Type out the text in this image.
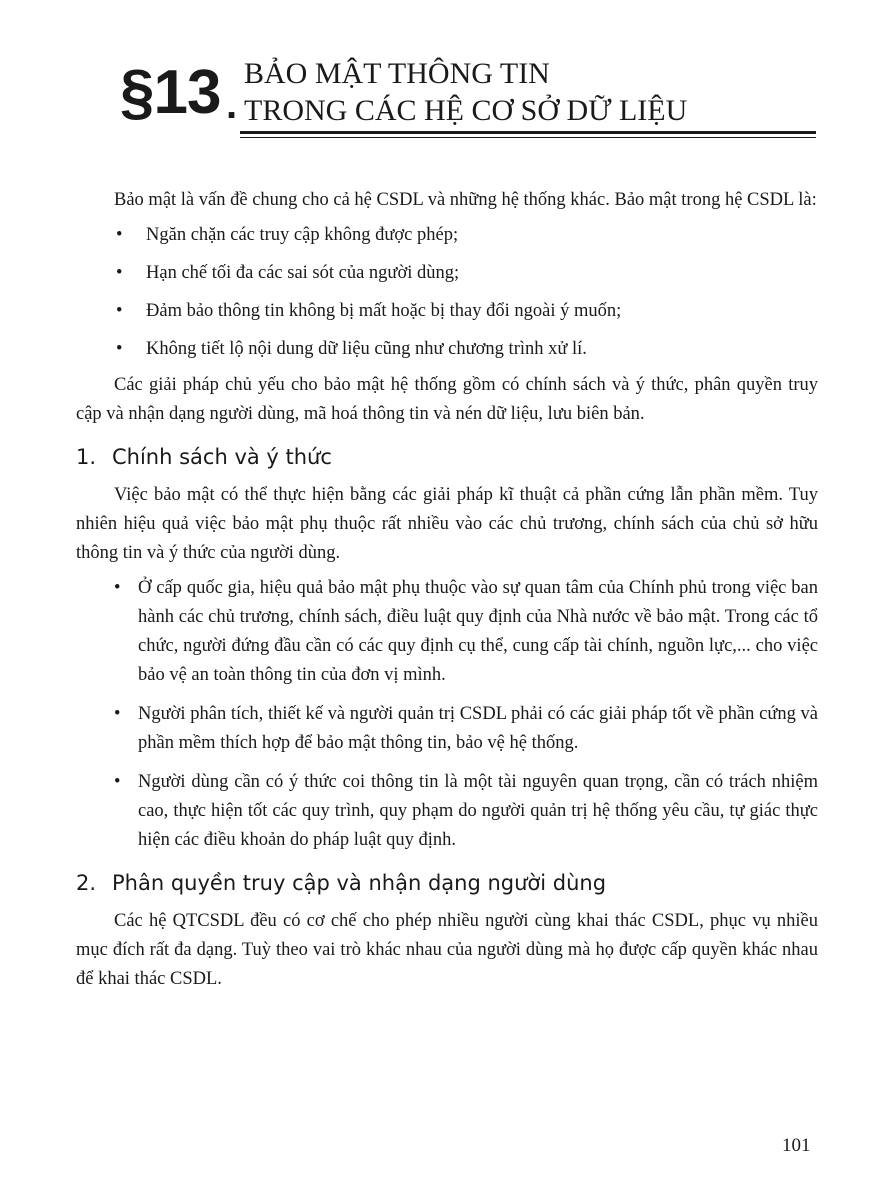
§13 .
BẢO MẬT THÔNG TIN
TRONG CÁC HỆ CƠ SỞ DỮ LIỆU

Bảo mật là vấn đề chung cho cả hệ CSDL và những hệ thống khác. Bảo mật trong hệ CSDL là:

• Ngăn chặn các truy cập không được phép;
• Hạn chế tối đa các sai sót của người dùng;
• Đảm bảo thông tin không bị mất hoặc bị thay đổi ngoài ý muốn;
• Không tiết lộ nội dung dữ liệu cũng như chương trình xử lí.

Các giải pháp chủ yếu cho bảo mật hệ thống gồm có chính sách và ý thức, phân quyền truy cập và nhận dạng người dùng, mã hoá thông tin và nén dữ liệu, lưu biên bản.

1. Chính sách và ý thức

Việc bảo mật có thể thực hiện bằng các giải pháp kĩ thuật cả phần cứng lẫn phần mềm. Tuy nhiên hiệu quả việc bảo mật phụ thuộc rất nhiều vào các chủ trương, chính sách của chủ sở hữu thông tin và ý thức của người dùng.

• Ở cấp quốc gia, hiệu quả bảo mật phụ thuộc vào sự quan tâm của Chính phủ trong việc ban hành các chủ trương, chính sách, điều luật quy định của Nhà nước về bảo mật. Trong các tổ chức, người đứng đầu cần có các quy định cụ thể, cung cấp tài chính, nguồn lực,... cho việc bảo vệ an toàn thông tin của đơn vị mình.
• Người phân tích, thiết kế và người quản trị CSDL phải có các giải pháp tốt về phần cứng và phần mềm thích hợp để bảo mật thông tin, bảo vệ hệ thống.
• Người dùng cần có ý thức coi thông tin là một tài nguyên quan trọng, cần có trách nhiệm cao, thực hiện tốt các quy trình, quy phạm do người quản trị hệ thống yêu cầu, tự giác thực hiện các điều khoản do pháp luật quy định.
2. Phân quyền truy cập và nhận dạng người dùng

Các hệ QTCSDL đều có cơ chế cho phép nhiều người cùng khai thác CSDL, phục vụ nhiều mục đích rất đa dạng. Tuỳ theo vai trò khác nhau của người dùng mà họ được cấp quyền khác nhau để khai thác CSDL.

101
